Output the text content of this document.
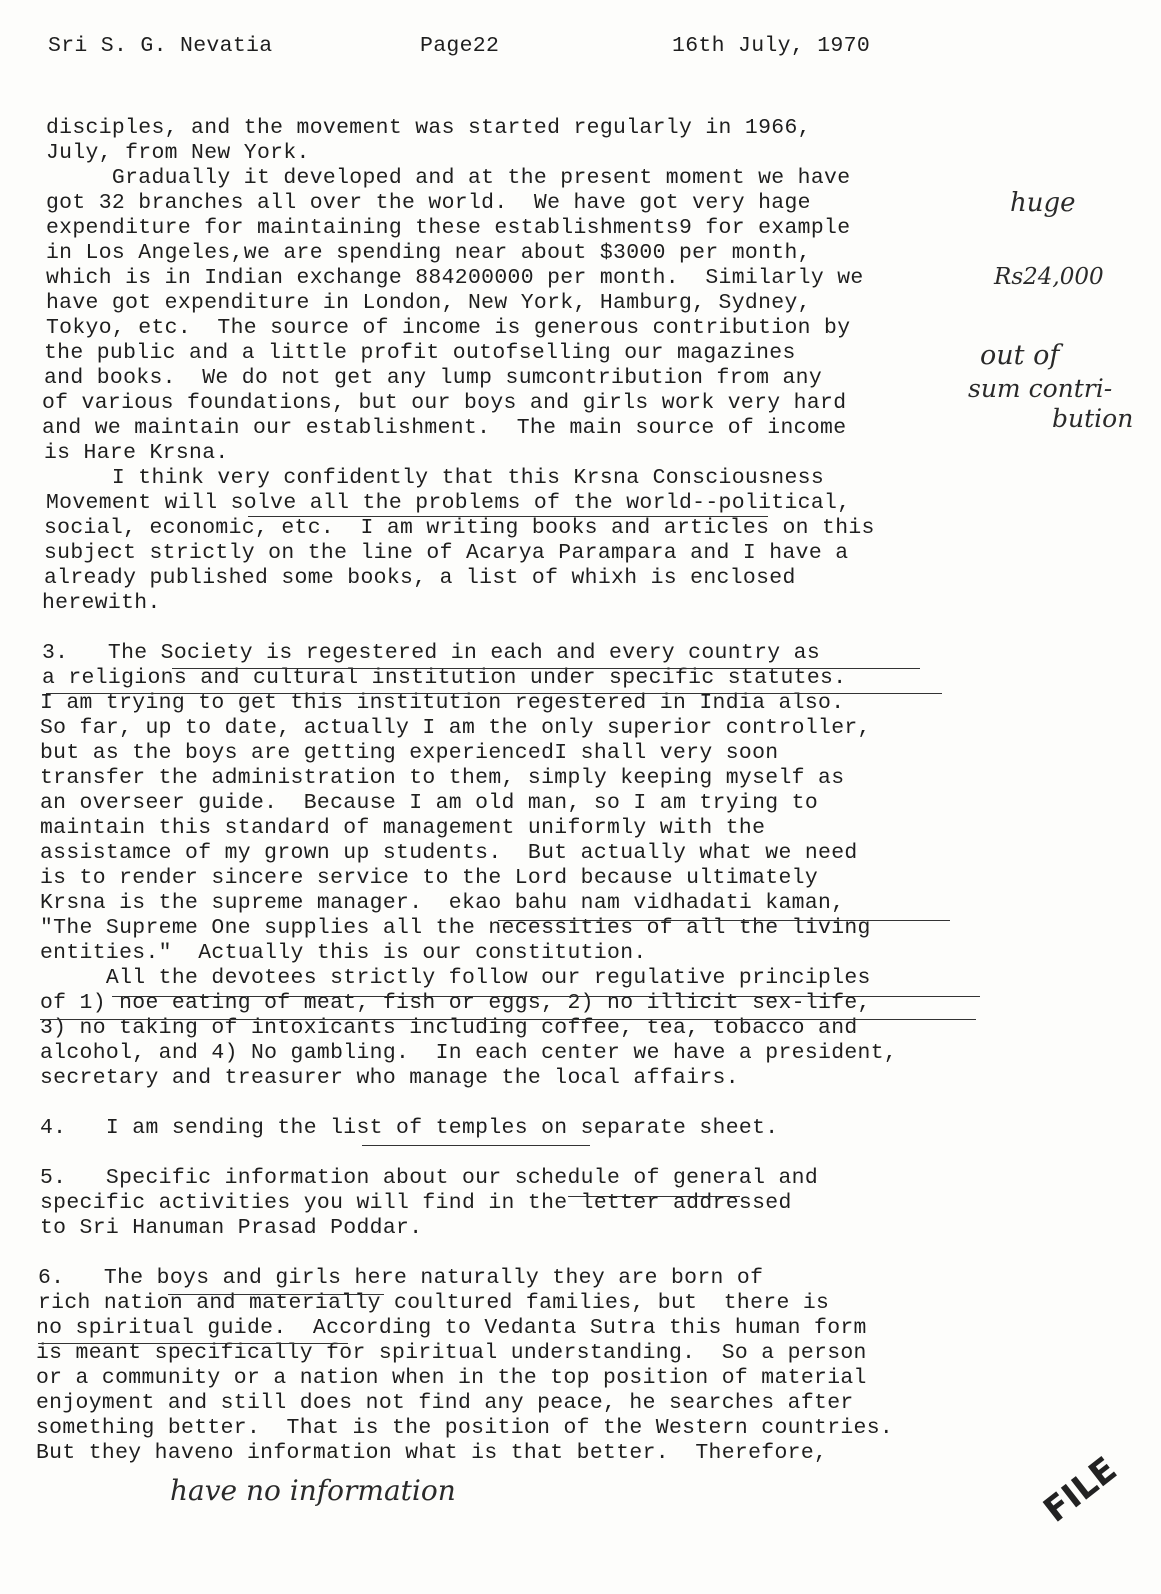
Sri S. G. Nevatia	Page22	16th July, 1970
disciples, and the movement was started regularly in 1966,
July, from New York.
Gradually it developed and at the present moment we have
got 32 branches all over the world.  We have got very hage
expenditure for maintaining these establishments9 for example
in Los Angeles,we are spending near about $3000 per month,
which is in Indian exchange 884200000 per month.  Similarly we
have got expenditure in London, New York, Hamburg, Sydney,
Tokyo, etc.  The source of income is generous contribution by
the public and a little profit outofselling our magazines
and books.  We do not get any lump sumcontribution from any
of various foundations, but our boys and girls work very hard
and we maintain our establishment.  The main source of income
is Hare Krsna.
I think very confidently that this Krsna Consciousness
Movement will solve all the problems of the world--political,
social, economic, etc.  I am writing books and articles on this
subject strictly on the line of Acarya Parampara and I have a
already published some books, a list of whixh is enclosed
herewith.
3.   The Society is regestered in each and every country as
a religions and cultural institution under specific statutes.
I am trying to get this institution regestered in India also.
So far, up to date, actually I am the only superior controller,
but as the boys are getting experiencedI shall very soon
transfer the administration to them, simply keeping myself as
an overseer guide.  Because I am old man, so I am trying to
maintain this standard of management uniformly with the
assistamce of my grown up students.  But actually what we need
is to render sincere service to the Lord because ultimately
Krsna is the supreme manager.  ekao bahu nam vidhadati kaman,
"The Supreme One supplies all the necessities of all the living
entities."  Actually this is our constitution.
All the devotees strictly follow our regulative principles
of 1) noe eating of meat, fish or eggs, 2) no illicit sex-life,
3) no taking of intoxicants including coffee, tea, tobacco and
alcohol, and 4) No gambling.  In each center we have a president,
secretary and treasurer who manage the local affairs.
4.   I am sending the list of temples on separate sheet.
5.   Specific information about our schedule of general and
specific activities you will find in the letter addressed
to Sri Hanuman Prasad Poddar.
6.   The boys and girls here naturally they are born of
rich nation and materially coultured families, but  there is
no spiritual guide.  According to Vedanta Sutra this human form
is meant specifically for spiritual understanding.  So a person
or a community or a nation when in the top position of material
enjoyment and still does not find any peace, he searches after
something better.  That is the position of the Western countries.
But they haveno information what is that better.  Therefore,
huge
Rs24,000
out of
sum contri-
bution
have no information	FILE
